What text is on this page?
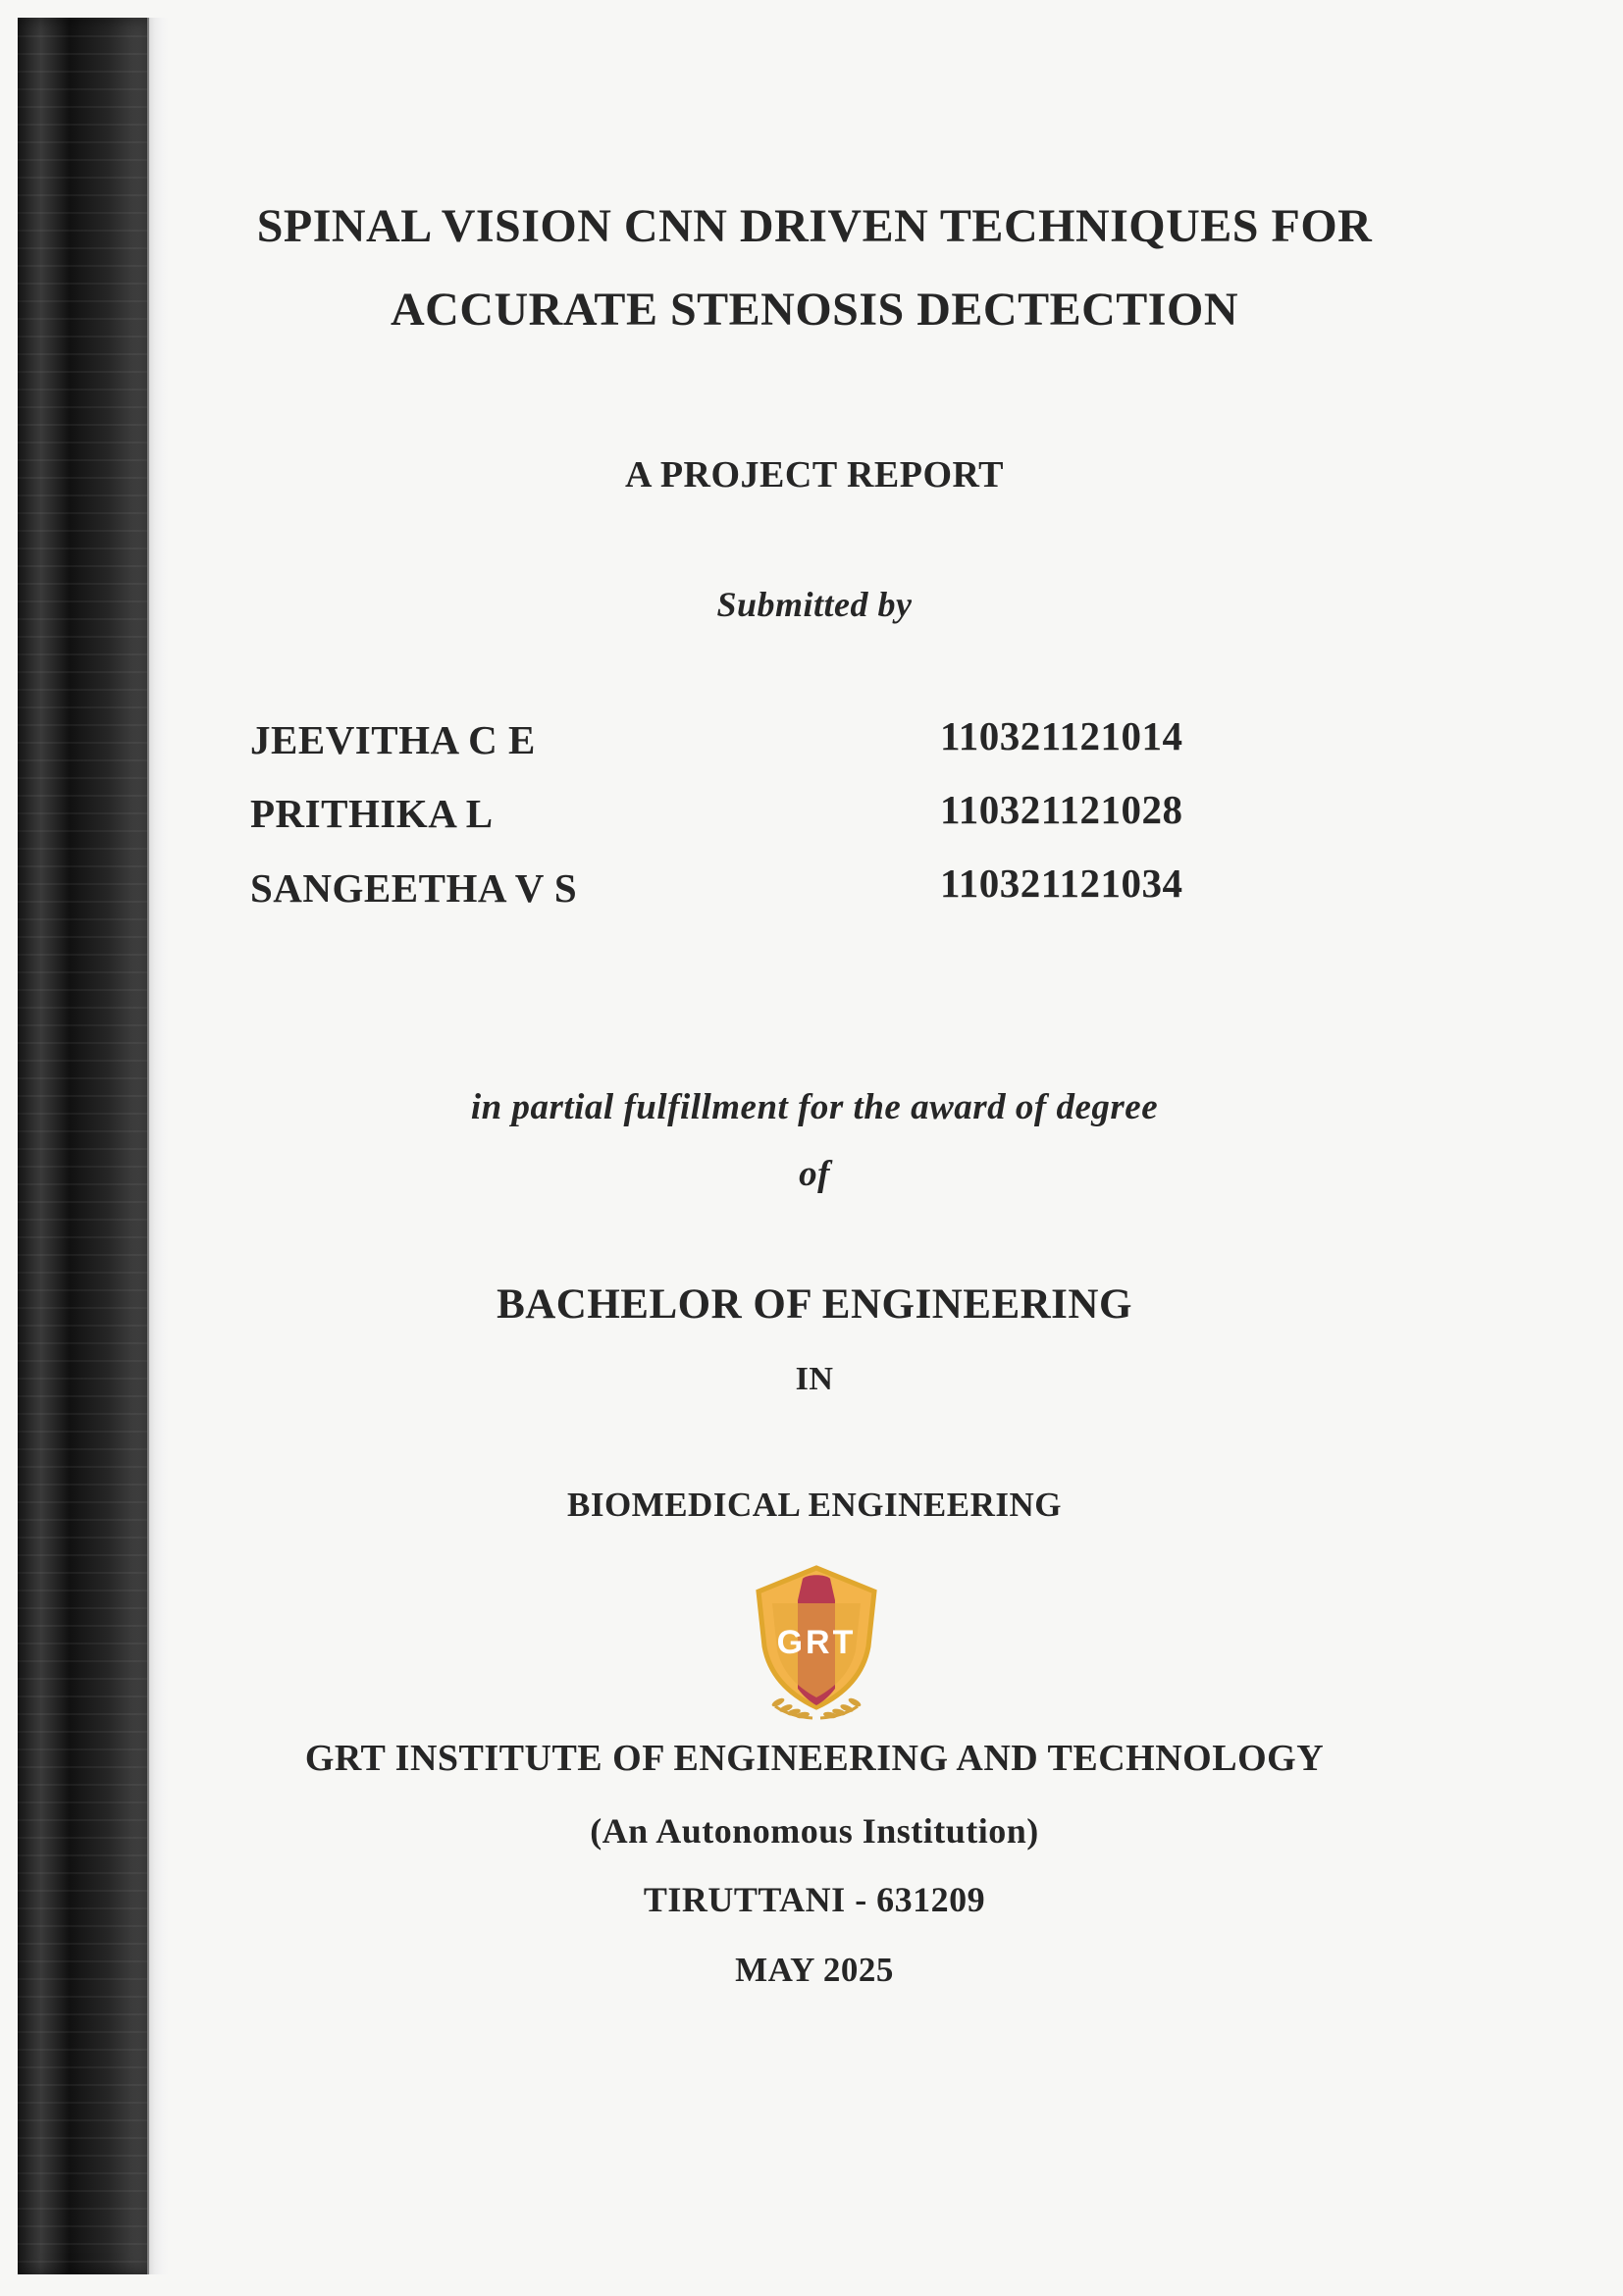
SPINAL VISION CNN DRIVEN TECHNIQUES FOR
ACCURATE STENOSIS DECTECTION
A PROJECT REPORT
Submitted by
JEEVITHA C E	110321121014
PRITHIKA L	110321121028
SANGEETHA V S	110321121034
in partial fulfillment for the award of degree
of
BACHELOR OF ENGINEERING
IN
BIOMEDICAL ENGINEERING
GRT
GRT INSTITUTE OF ENGINEERING AND TECHNOLOGY
(An Autonomous Institution)
TIRUTTANI - 631209
MAY 2025
